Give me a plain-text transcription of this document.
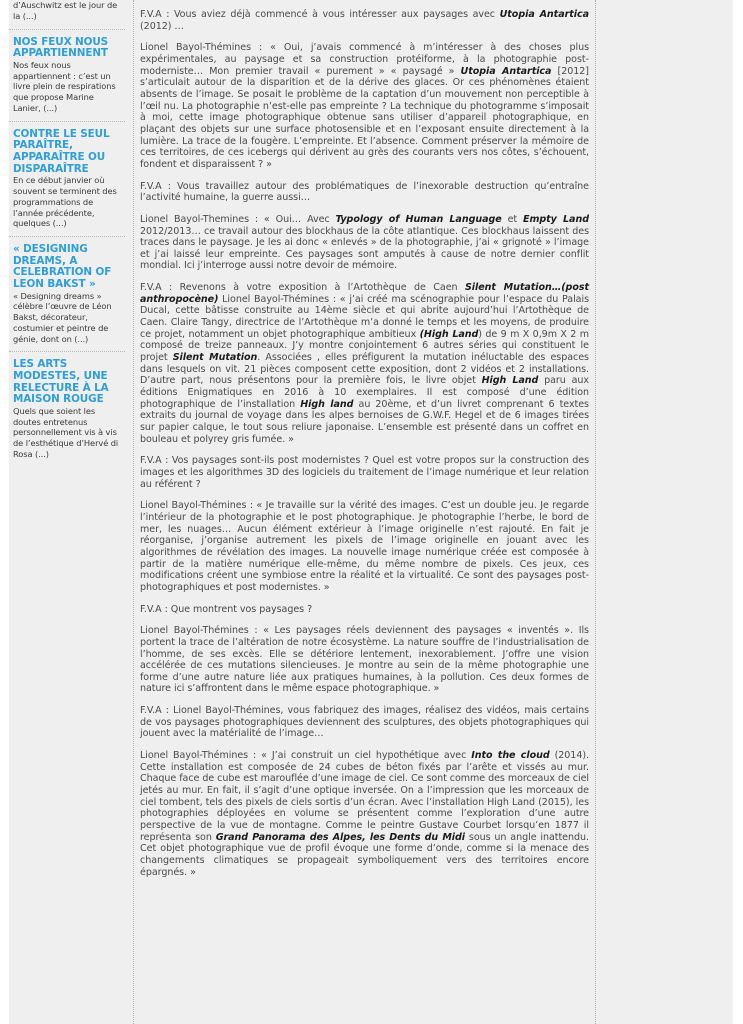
d’Auschwitz est le jour de la (...)
NOS FEUX NOUS APPARTIENNENT
Nos feux nous appartiennent : c’est un livre plein de respirations que propose Marine Lanier, (...)
CONTRE LE SEUL PARAÎTRE, APPARAÎTRE OU DISPARAÎTRE
En ce début janvier où souvent se terminent des programmations de l’année précédente, quelques (...)
« DESIGNING DREAMS, A CELEBRATION OF LEON BAKST »
« Designing dreams » célèbre l’œuvre de Léon Bakst, décorateur, costumier et peintre de génie, dont on (...)
LES ARTS MODESTES, UNE RELECTURE À LA MAISON ROUGE
Quels que soient les doutes entretenus personnellement vis à vis de l’esthétique d’Hervé di Rosa (...)

F.V.A : Vous aviez déjà commencé à vous intéresser aux paysages avec Utopia Antartica (2012) …

Lionel Bayol-Thémines : « Oui, j’avais commencé à m’intéresser à des choses plus expérimentales, au paysage et sa construction protéiforme, à la photographie post-moderniste… Mon premier travail « purement » « paysagé » Utopia Antartica [2012] s’articulait autour de la disparition et de la dérive des glaces. Or ces phénomènes étaient absents de l’image. Se posait le problème de la captation d’un mouvement non perceptible à l’œil nu. La photographie n’est-elle pas empreinte ? La technique du photogramme s’imposait à moi, cette image photographique obtenue sans utiliser d’appareil photographique, en plaçant des objets sur une surface photosensible et en l’exposant ensuite directement à la lumière. La trace de la fougère. L’empreinte. Et l’absence. Comment préserver la mémoire de ces territoires, de ces icebergs qui dérivent au grès des courants vers nos côtes, s’échouent, fondent et disparaissent ? »

F.V.A : Vous travaillez autour des problématiques de l’inexorable destruction qu’entraîne l’activité humaine, la guerre aussi…

Lionel Bayol-Themines : « Oui… Avec Typology of Human Language et Empty Land 2012/2013… ce travail autour des blockhaus de la côte atlantique. Ces blockhaus laissent des traces dans le paysage. Je les ai donc « enlevés » de la photographie, j’ai « grignoté » l’image et j’ai laissé leur empreinte. Ces paysages sont amputés à cause de notre dernier conflit mondial. Ici j’interroge aussi notre devoir de mémoire.

F.V.A : Revenons à votre exposition à l’Artothèque de Caen Silent Mutation…(post anthropocène) Lionel Bayol-Thémines : « j’ai créé ma scénographie pour l’espace du Palais Ducal, cette bâtisse construite au 14ème siècle et qui abrite aujourd’hui l’Artothèque de Caen. Claire Tangy, directrice de l’Artothèque m’a donné le temps et les moyens, de produire ce projet, notamment un objet photographique ambitieux (High Land) de 9 m X 0,9m X 2 m composé de treize panneaux. J’y montre conjointement 6 autres séries qui constituent le projet Silent Mutation. Associées , elles préfigurent la mutation inéluctable des espaces dans lesquels on vit. 21 pièces composent cette exposition, dont 2 vidéos et 2 installations. D’autre part, nous présentons pour la première fois, le livre objet High Land paru aux éditions Enigmatiques en 2016 à 10 exemplaires. Il est composé d’une édition photographique de l’installation High land au 20ème, et d’un livret comprenant 6 textes extraits du journal de voyage dans les alpes bernoises de G.W.F. Hegel et de 6 images tirées sur papier calque, le tout sous reliure japonaise. L’ensemble est présenté dans un coffret en bouleau et polyrey gris fumée. »

F.V.A : Vos paysages sont-ils post modernistes ? Quel est votre propos sur la construction des images et les algorithmes 3D des logiciels du traitement de l’image numérique et leur relation au référent ?

Lionel Bayol-Thémines : « Je travaille sur la vérité des images. C’est un double jeu. Je regarde l’intérieur de la photographie et le post photographique. Je photographie l’herbe, le bord de mer, les nuages… Aucun élément extérieur à l’image originelle n’est rajouté. En fait je réorganise, j’organise autrement les pixels de l’image originelle en jouant avec les algorithmes de révélation des images. La nouvelle image numérique créée est composée à partir de la matière numérique elle-même, du même nombre de pixels. Ces jeux, ces modifications créent une symbiose entre la réalité et la virtualité. Ce sont des paysages post-photographiques et post modernistes. »

F.V.A : Que montrent vos paysages ?

Lionel Bayol-Thémines : « Les paysages réels deviennent des paysages « inventés ». Ils portent la trace de l’altération de notre écosystème. La nature souffre de l’industrialisation de l’homme, de ses excès. Elle se détériore lentement, inexorablement. J’offre une vision accélérée de ces mutations silencieuses. Je montre au sein de la même photographie une forme d’une autre nature liée aux pratiques humaines, à la pollution. Ces deux formes de nature ici s’affrontent dans le même espace photographique. »

F.V.A : Lionel Bayol-Thémines, vous fabriquez des images, réalisez des vidéos, mais certains de vos paysages photographiques deviennent des sculptures, des objets photographiques qui jouent avec la matérialité de l’image…

Lionel Bayol-Thémines : « J’ai construit un ciel hypothétique avec Into the cloud (2014). Cette installation est composée de 24 cubes de béton fixés par l’arête et vissés au mur. Chaque face de cube est marouflée d’une image de ciel. Ce sont comme des morceaux de ciel jetés au mur. En fait, il s’agit d’une optique inversée. On a l’impression que les morceaux de ciel tombent, tels des pixels de ciels sortis d’un écran. Avec l’installation High Land (2015), les photographies déployées en volume se présentent comme l’exploration d’une autre perspective de la vue de montagne. Comme le peintre Gustave Courbet lorsqu’en 1877 il représenta son Grand Panorama des Alpes, les Dents du Midi sous un angle inattendu. Cet objet photographique vue de profil évoque une forme d’onde, comme si la menace des changements climatiques se propageait symboliquement vers des territoires encore épargnés. »
